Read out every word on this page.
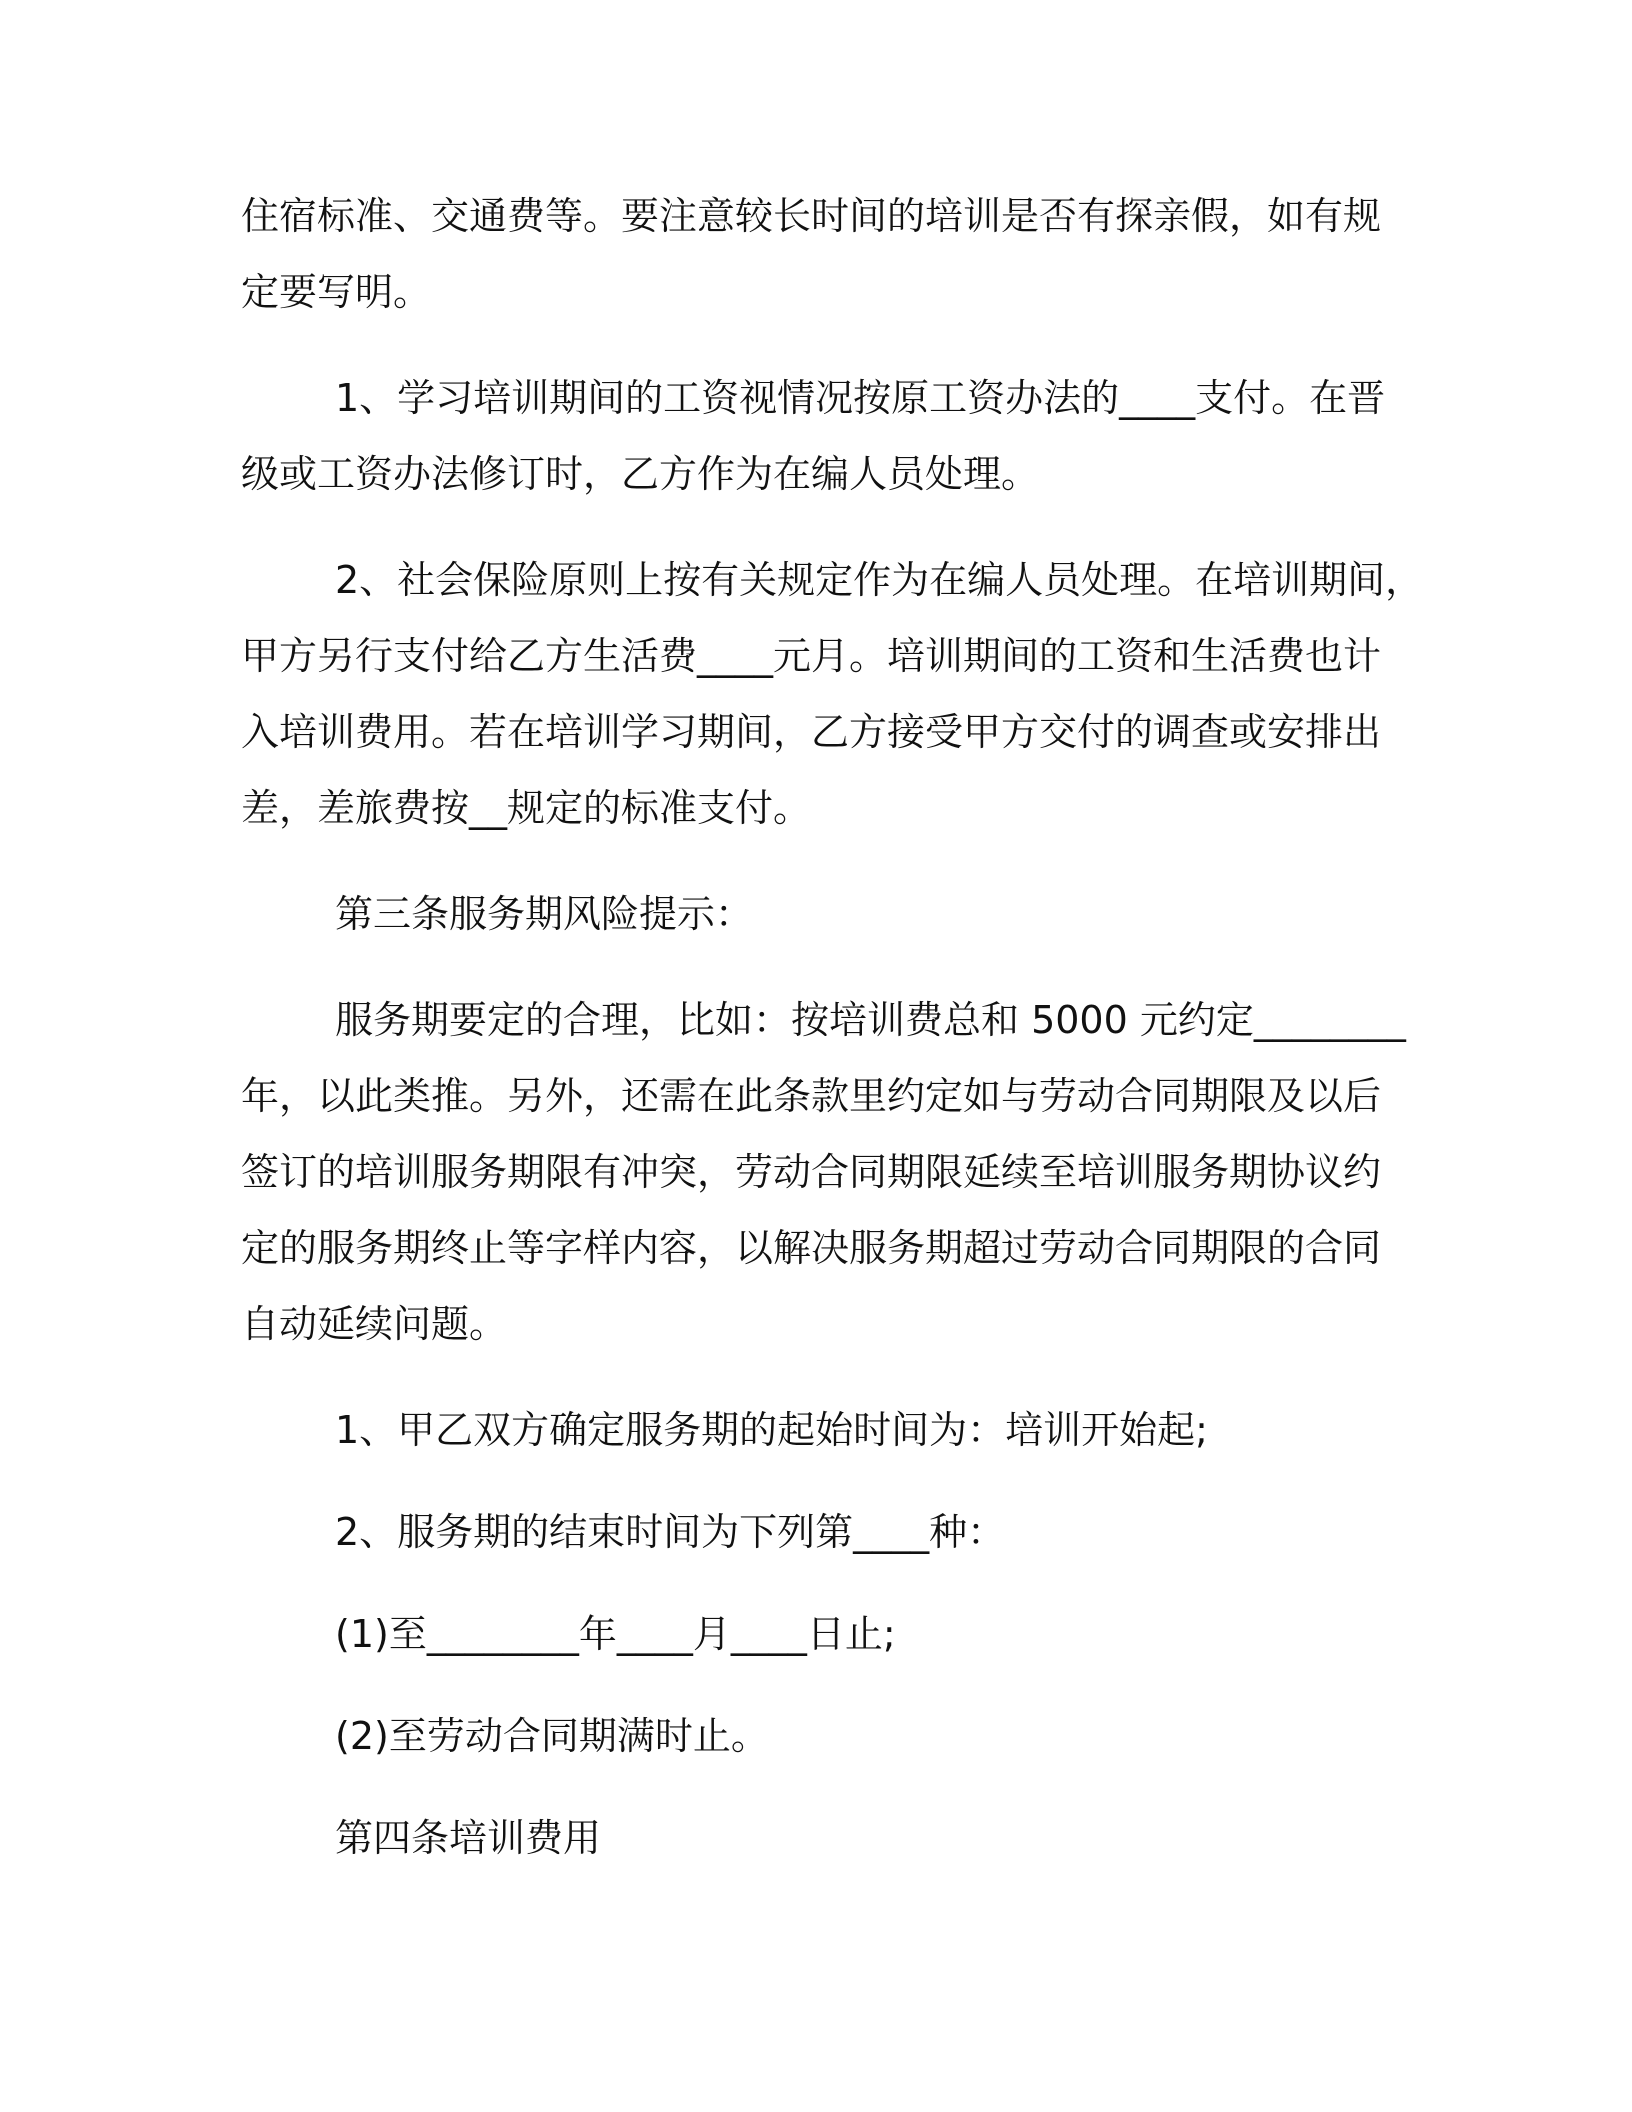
住宿标准、交通费等。要注意较长时间的培训是否有探亲假，如有规

定要写明。

1、学习培训期间的工资视情况按原工资办法的____支付。在晋

级或工资办法修订时，乙方作为在编人员处理。

2、社会保险原则上按有关规定作为在编人员处理。在培训期间，

甲方另行支付给乙方生活费____元月。培训期间的工资和生活费也计

入培训费用。若在培训学习期间，乙方接受甲方交付的调查或安排出

差，差旅费按__规定的标准支付。

第三条服务期风险提示：

服务期要定的合理，比如：按培训费总和 5000 元约定________

年，以此类推。另外，还需在此条款里约定如与劳动合同期限及以后

签订的培训服务期限有冲突，劳动合同期限延续至培训服务期协议约

定的服务期终止等字样内容，以解决服务期超过劳动合同期限的合同

自动延续问题。

1、甲乙双方确定服务期的起始时间为：培训开始起;

2、服务期的结束时间为下列第____种：

(1)至________年____月____日止;

(2)至劳动合同期满时止。

第四条培训费用
